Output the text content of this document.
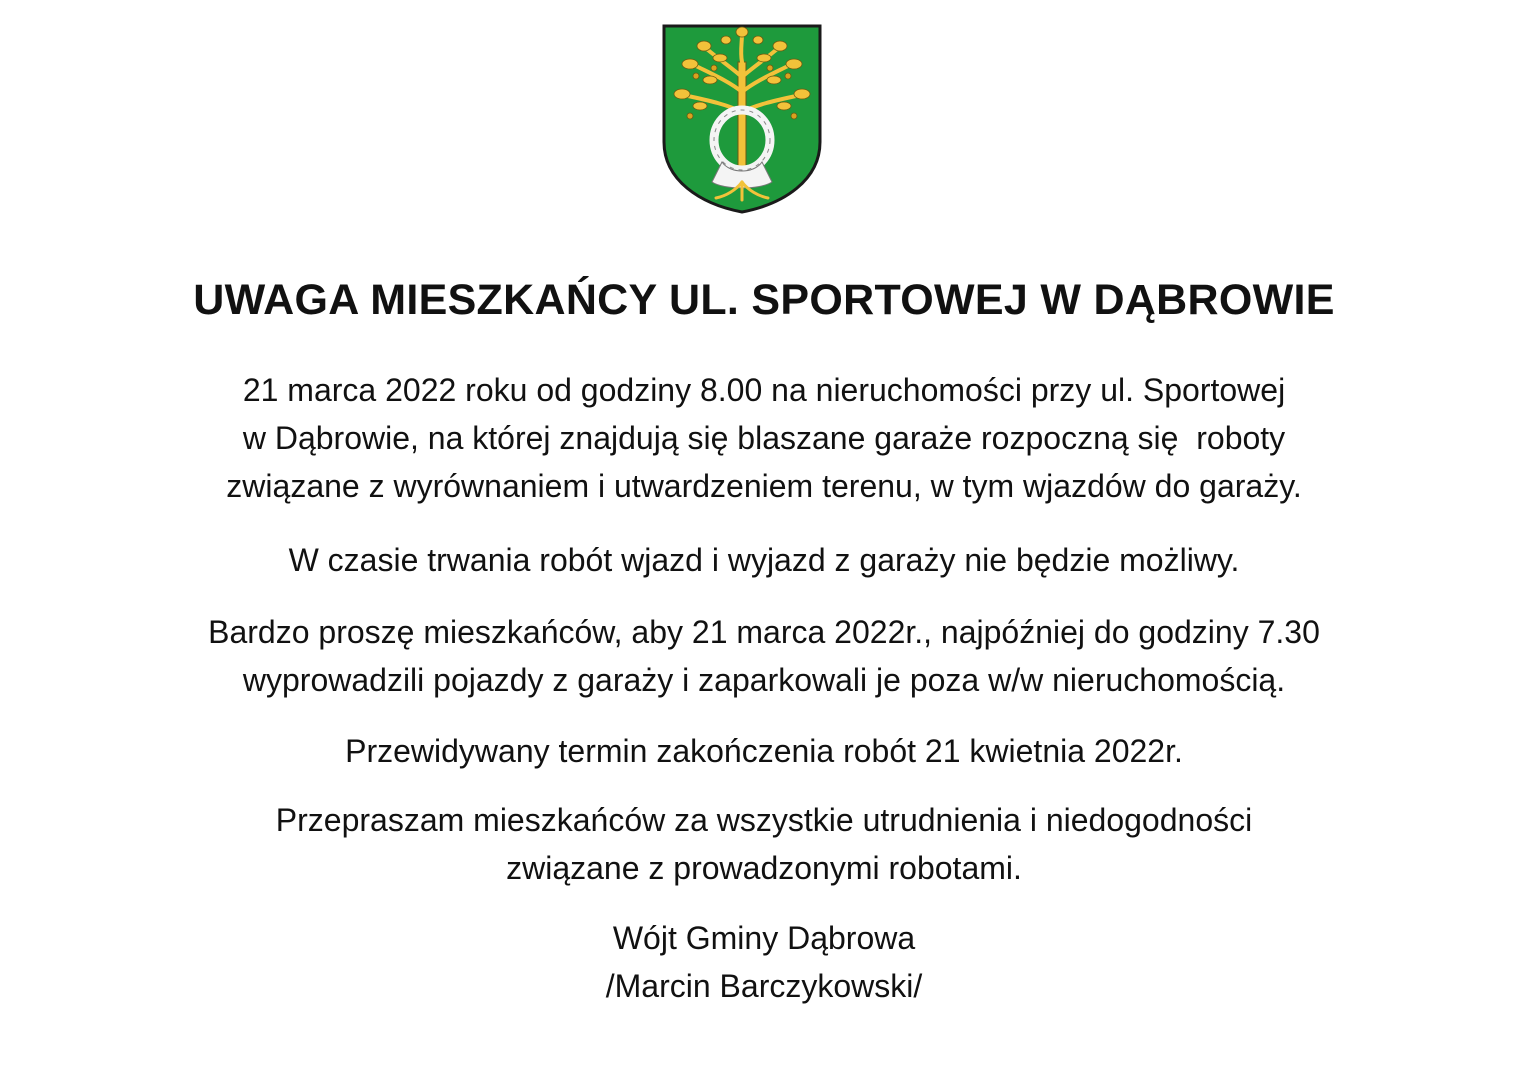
UWAGA MIESZKAŃCY UL. SPORTOWEJ W DĄBROWIE
21 marca 2022 roku od godziny 8.00 na nieruchomości przy ul. Sportowej
w Dąbrowie, na której znajdują się blaszane garaże rozpoczną się  roboty
związane z wyrównaniem i utwardzeniem terenu, w tym wjazdów do garaży.
W czasie trwania robót wjazd i wyjazd z garaży nie będzie możliwy.
Bardzo proszę mieszkańców, aby 21 marca 2022r., najpóźniej do godziny 7.30
wyprowadzili pojazdy z garaży i zaparkowali je poza w/w nieruchomością.
Przewidywany termin zakończenia robót 21 kwietnia 2022r.
Przepraszam mieszkańców za wszystkie utrudnienia i niedogodności
związane z prowadzonymi robotami.
Wójt Gminy Dąbrowa
/Marcin Barczykowski/
